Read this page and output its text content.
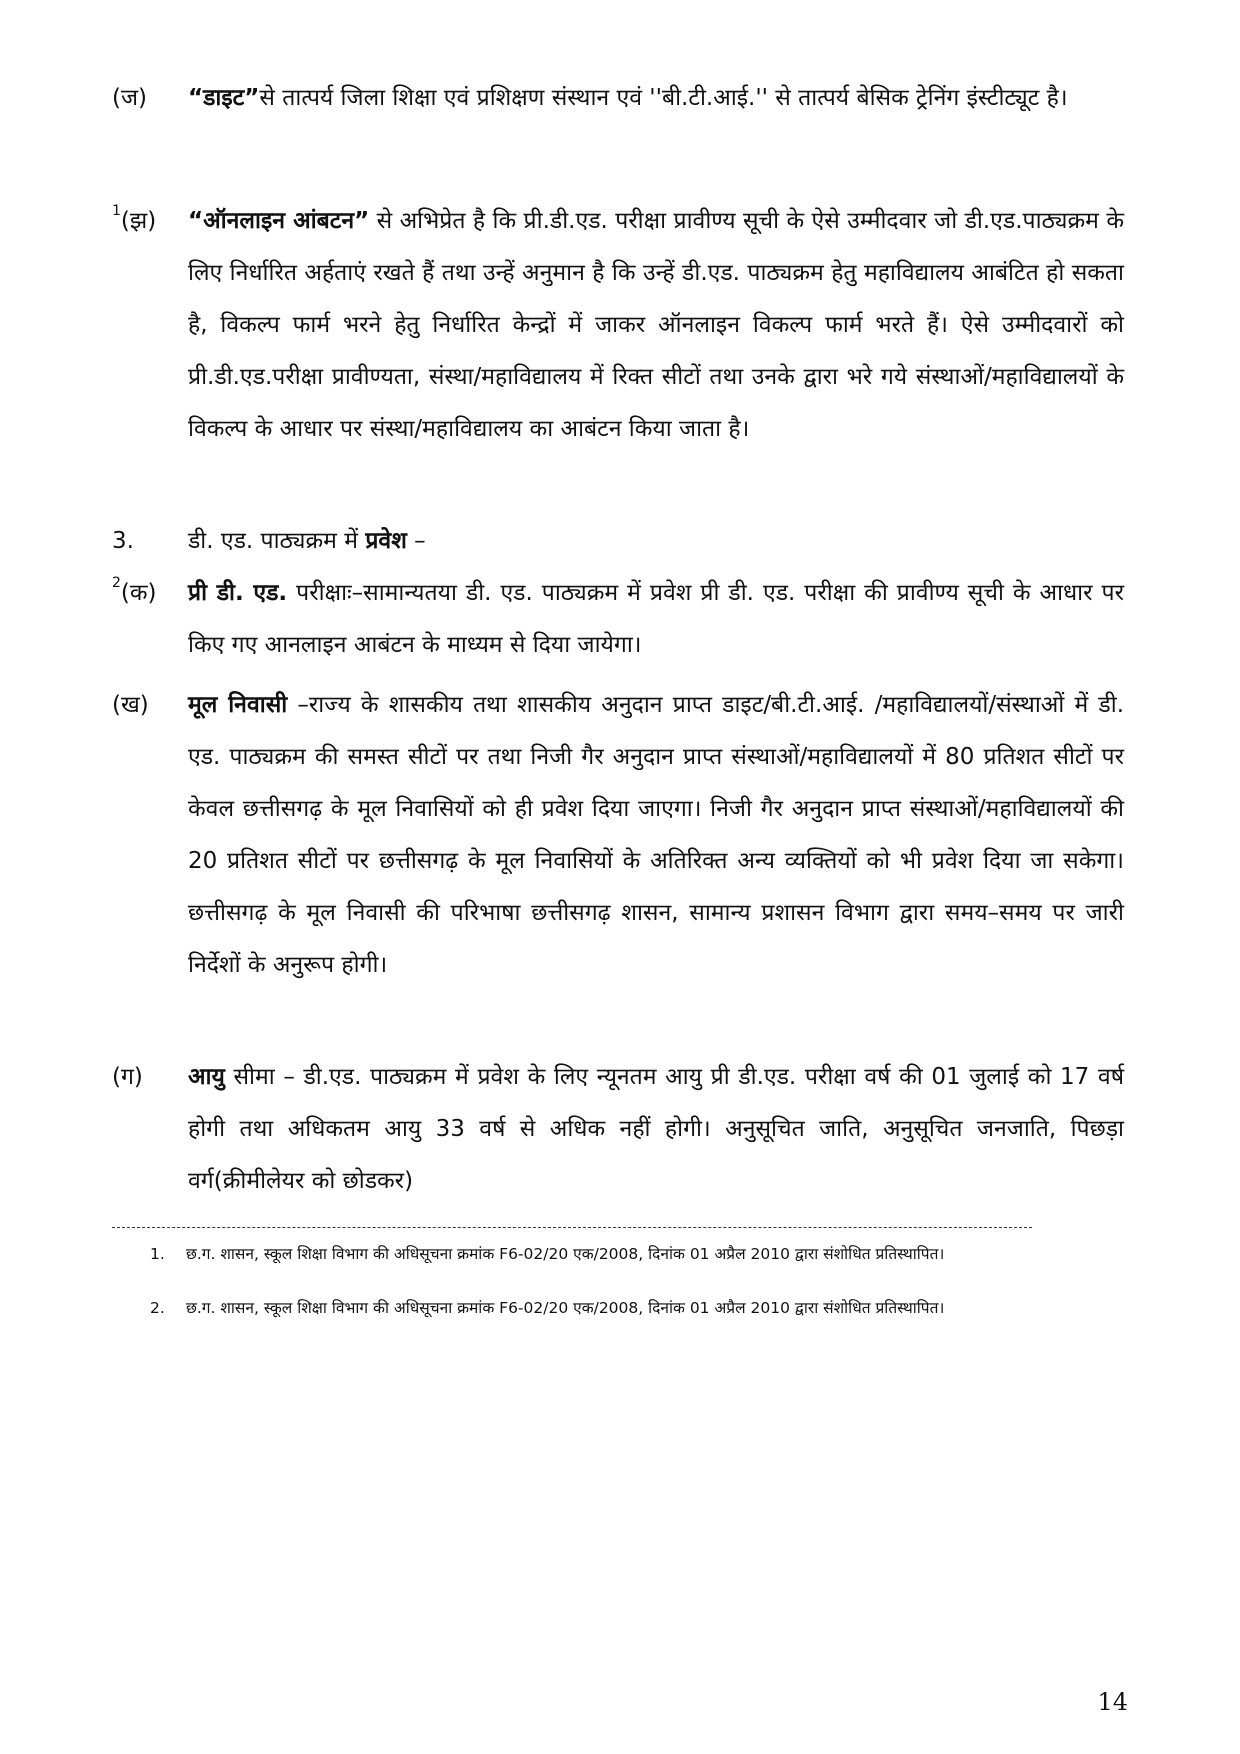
(ज) “डाइट”से तात्पर्य जिला शिक्षा एवं प्रशिक्षण संस्थान एवं ''बी.टी.आई.'' से तात्पर्य बेसिक ट्रेनिंग इंस्टीट्यूट है।
$^1$(झ) “ऑनलाइन आंबटन” से अभिप्रेत है कि प्री.डी.एड. परीक्षा प्रावीण्य सूची के ऐसे उम्मीदवार जो डी.एड.पाठ्यक्रम के लिए निर्धारित अर्हताएं रखते हैं तथा उन्हें अनुमान है कि उन्हें डी.एड. पाठ्यक्रम हेतु महाविद्यालय आबंटित हो सकता है, विकल्प फार्म भरने हेतु निर्धारित केन्द्रों में जाकर ऑनलाइन विकल्प फार्म भरते हैं। ऐसे उम्मीदवारों को प्री.डी.एड.परीक्षा प्रावीण्यता, संस्था/महाविद्यालय में रिक्त सीटों तथा उनके द्वारा भरे गये संस्थाओं/महाविद्यालयों के विकल्प के आधार पर संस्था/महाविद्यालय का आबंटन किया जाता है।
3. डी. एड. पाठ्यक्रम में प्रवेश –
$^2$(क) प्री डी. एड. परीक्षाः–सामान्यतया डी. एड. पाठ्यक्रम में प्रवेश प्री डी. एड. परीक्षा की प्रावीण्य सूची के आधार पर किए गए आनलाइन आबंटन के माध्यम से दिया जायेगा।
(ख) मूल निवासी –राज्य के शासकीय तथा शासकीय अनुदान प्राप्त डाइट/बी.टी.आई. /महाविद्यालयों/संस्थाओं में डी. एड. पाठ्यक्रम की समस्त सीटों पर तथा निजी गैर अनुदान प्राप्त संस्थाओं/महाविद्यालयों में 80 प्रतिशत सीटों पर केवल छत्तीसगढ़ के मूल निवासियों को ही प्रवेश दिया जाएगा। निजी गैर अनुदान प्राप्त संस्थाओं/महाविद्यालयों की 20 प्रतिशत सीटों पर छत्तीसगढ़ के मूल निवासियों के अतिरिक्त अन्य व्यक्तियों को भी प्रवेश दिया जा सकेगा। छत्तीसगढ़ के मूल निवासी की परिभाषा छत्तीसगढ़ शासन, सामान्य प्रशासन विभाग द्वारा समय–समय पर जारी निर्देशों के अनुरूप होगी।
(ग) आयु सीमा – डी.एड. पाठ्यक्रम में प्रवेश के लिए न्यूनतम आयु प्री डी.एड. परीक्षा वर्ष की 01 जुलाई को 17 वर्ष होगी तथा अधिकतम आयु 33 वर्ष से अधिक नहीं होगी। अनुसूचित जाति, अनुसूचित जनजाति, पिछड़ा वर्ग(क्रीमीलेयर को छोडकर)
1. छ.ग. शासन, स्कूल शिक्षा विभाग की अधिसूचना क्रमांक F6-02/20 एक/2008, दिनांक 01 अप्रैल 2010 द्वारा संशोधित प्रतिस्थापित।
2. छ.ग. शासन, स्कूल शिक्षा विभाग की अधिसूचना क्रमांक F6-02/20 एक/2008, दिनांक 01 अप्रैल 2010 द्वारा संशोधित प्रतिस्थापित।
14
